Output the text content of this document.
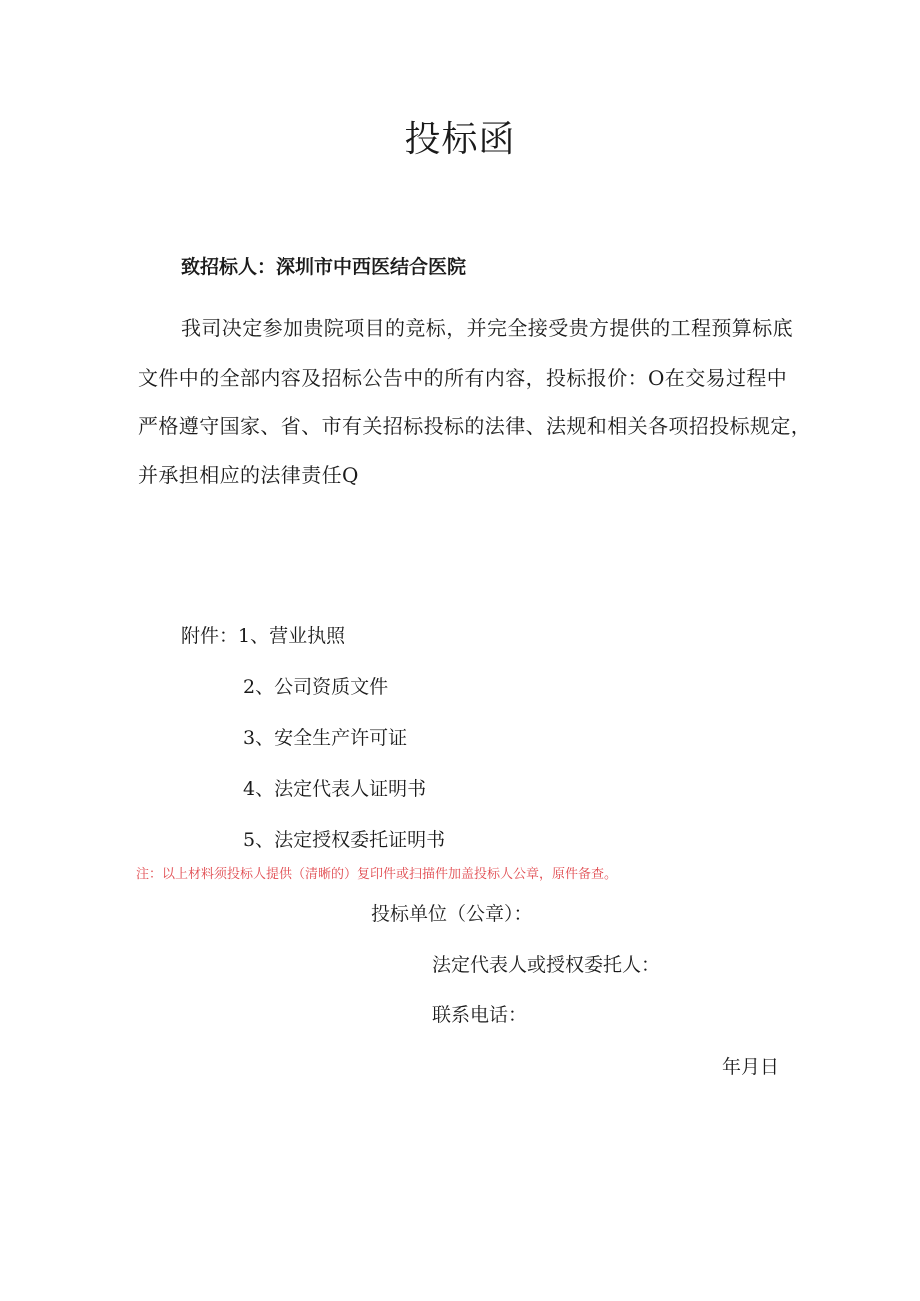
投标函
致招标人：深圳市中西医结合医院
我司决定参加贵院项目的竞标，并完全接受贵方提供的工程预算标底
文件中的全部内容及招标公告中的所有内容，投标报价：O在交易过程中
严格遵守国家、省、市有关招标投标的法律、法规和相关各项招投标规定，
并承担相应的法律责任Q
附件：1、营业执照
2、公司资质文件
3、安全生产许可证
4、法定代表人证明书
5、法定授权委托证明书
注：以上材料须投标人提供（清晰的）复印件或扫描件加盖投标人公章，原件备查。
投标单位（公章）：
法定代表人或授权委托人：
联系电话：
年月日
